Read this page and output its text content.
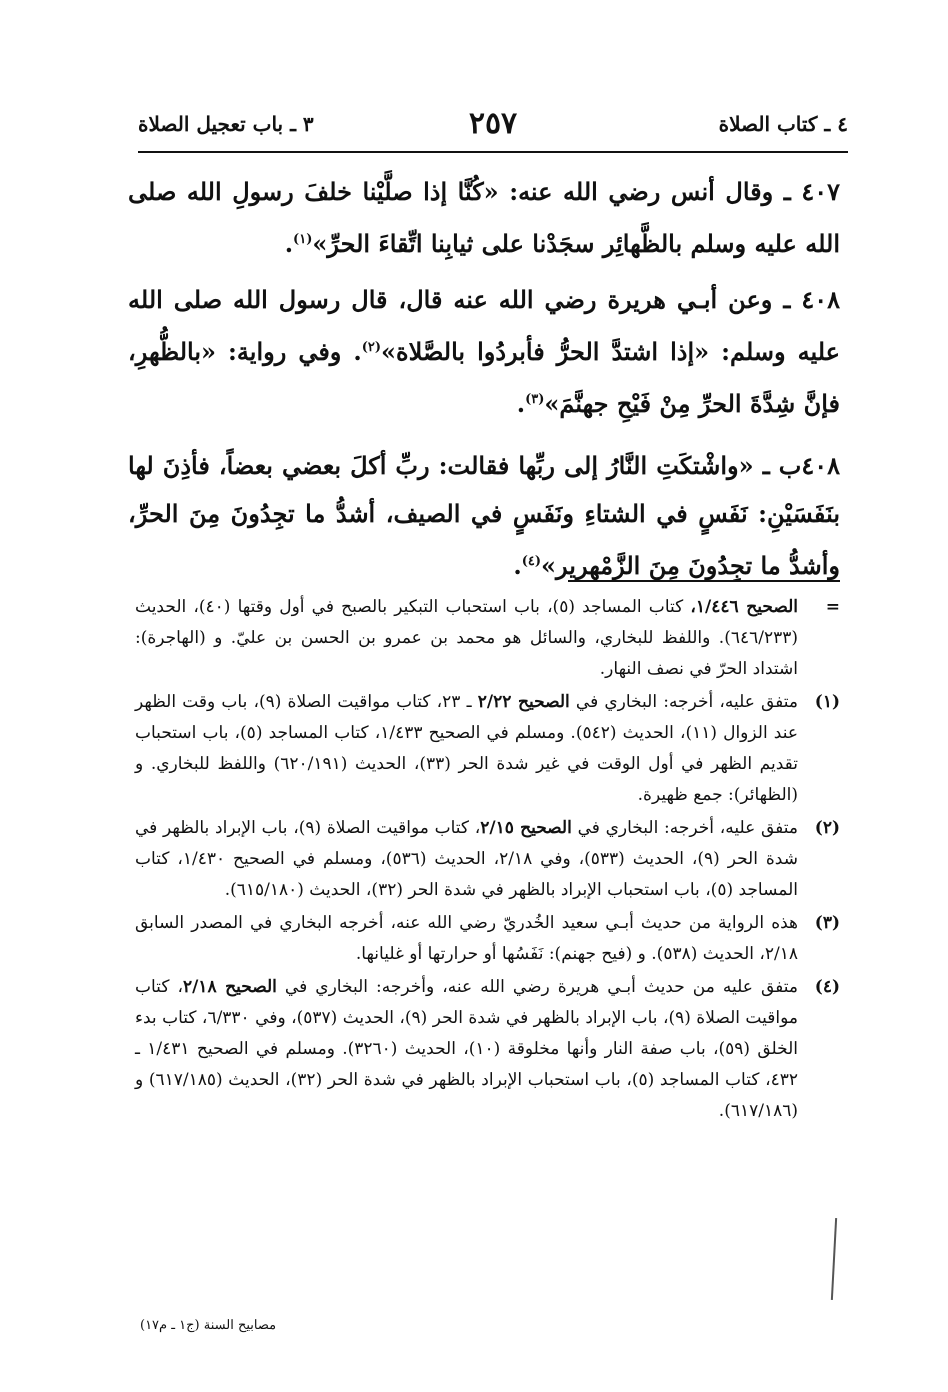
٤ ـ كتاب الصلاة
٢٥٧
٣ ـ باب تعجيل الصلاة

٤٠٧ ـ وقال أنس رضي الله عنه: «كُنَّا إذا صلَّيْنا خلفَ رسولِ الله صلى الله عليه وسلم بالظَّهائِر سجَدْنا على ثيابِنا اتِّقاءَ الحرِّ»$^{(١)}$.

٤٠٨ ـ وعن أبـي هريرة رضي الله عنه قال، قال رسول الله صلى الله عليه وسلم: «إذا اشتدَّ الحرُّ فأبردُوا بالصَّلاة»$^{(٢)}$. وفي رواية: «بالظُّهرِ، فإنَّ شِدَّةَ الحرِّ مِنْ فَيْحِ جهنَّمَ»$^{(٣)}$.

٤٠٨ب ـ «واشْتكَتِ النَّارُ إلى ربِّها فقالت: ربِّ أكلَ بعضي بعضاً، فأذِنَ لها بنَفَسَيْنِ: نَفَسٍ في الشتاءِ ونَفَسٍ في الصيف، أشدُّ ما تجِدُونَ مِنَ الحرِّ، وأشدُّ ما تجِدُونَ مِنَ الزَّمْهرير»$^{(٤)}$.

=
الصحيح ١/٤٤٦، كتاب المساجد (٥)، باب استحباب التبكير بالصبح في أول وقتها (٤٠)، الحديث (٦٤٦/٢٣٣). واللفظ للبخاري، والسائل هو محمد بن عمرو بن الحسن بن عليّ. و (الهاجرة): اشتداد الحرّ في نصف النهار.
(١)
متفق عليه، أخرجه: البخاري في الصحيح ٢/٢٢ ـ ٢٣، كتاب مواقيت الصلاة (٩)، باب وقت الظهر عند الزوال (١١)، الحديث (٥٤٢). ومسلم في الصحيح ١/٤٣٣، كتاب المساجد (٥)، باب استحباب تقديم الظهر في أول الوقت في غير شدة الحر (٣٣)، الحديث (٦٢٠/١٩١) واللفظ للبخاري. و (الظهائر): جمع ظهيرة.
(٢)
متفق عليه، أخرجه: البخاري في الصحيح ٢/١٥، كتاب مواقيت الصلاة (٩)، باب الإبراد بالظهر في شدة الحر (٩)، الحديث (٥٣٣)، وفي ٢/١٨، الحديث (٥٣٦)، ومسلم في الصحيح ١/٤٣٠، كتاب المساجد (٥)، باب استحباب الإبراد بالظهر في شدة الحر (٣٢)، الحديث (٦١٥/١٨٠).
(٣)
هذه الرواية من حديث أبـي سعيد الخُدريّ رضي الله عنه، أخرجه البخاري في المصدر السابق ٢/١٨، الحديث (٥٣٨). و (فيح جهنم): نَفَسُها أو حرارتها أو غليانها.
(٤)
متفق عليه من حديث أبـي هريرة رضي الله عنه، وأخرجه: البخاري في الصحيح ٢/١٨، كتاب مواقيت الصلاة (٩)، باب الإبراد بالظهر في شدة الحر (٩)، الحديث (٥٣٧)، وفي ٦/٣٣٠، كتاب بدء الخلق (٥٩)، باب صفة النار وأنها مخلوقة (١٠)، الحديث (٣٢٦٠). ومسلم في الصحيح ١/٤٣١ ـ ٤٣٢، كتاب المساجد (٥)، باب استحباب الإبراد بالظهر في شدة الحر (٣٢)، الحديث (٦١٧/١٨٥) و (٦١٧/١٨٦).
مصابيح السنة (ج١ ـ م١٧)
